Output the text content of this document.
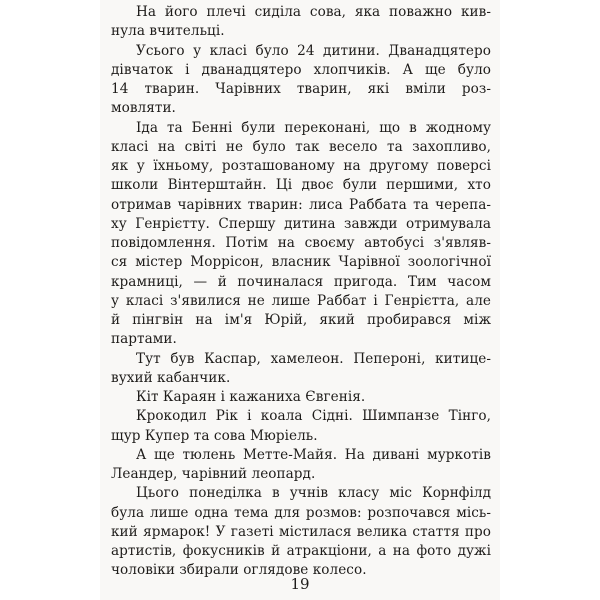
На його плечі сиділа сова, яка поважно кив-
нула вчительці.
Усього у класі було 24 дитини. Дванадцятеро
дівчаток і дванадцятеро хлопчиків. А ще було
14 тварин. Чарівних тварин, які вміли роз-
мовляти.
Іда та Бенні були переконані, що в жодному
класі на світі не було так весело та захопливо,
як у їхньому, розташованому на другому поверсі
школи Вінтерштайн. Ці двоє були першими, хто
отримав чарівних тварин: лиса Раббата та черепа-
ху Генрієтту. Спершу дитина завжди отримувала
повідомлення. Потім на своєму автобусі з'являв-
ся містер Моррісон, власник Чарівної зоологічної
крамниці, — й починалася пригода. Тим часом
у класі з'явилися не лише Раббат і Генрієтта, але
й пінгвін на ім'я Юрій, який пробирався між
партами.
Тут був Каспар, хамелеон. Пепероні, китице-
вухий кабанчик.
Кіт Караян і кажаниха Євгенія.
Крокодил Рік і коала Сідні. Шимпанзе Тінго,
щур Купер та сова Мюріель.
А ще тюлень Метте-Майя. На дивані муркотів
Леандер, чарівний леопард.
Цього понеділка в учнів класу міс Корнфілд
була лише одна тема для розмов: розпочався місь-
кий ярмарок! У газеті містилася велика стаття про
артистів, фокусників й атракціони, а на фото дужі
чоловіки збирали оглядове колесо.
19
